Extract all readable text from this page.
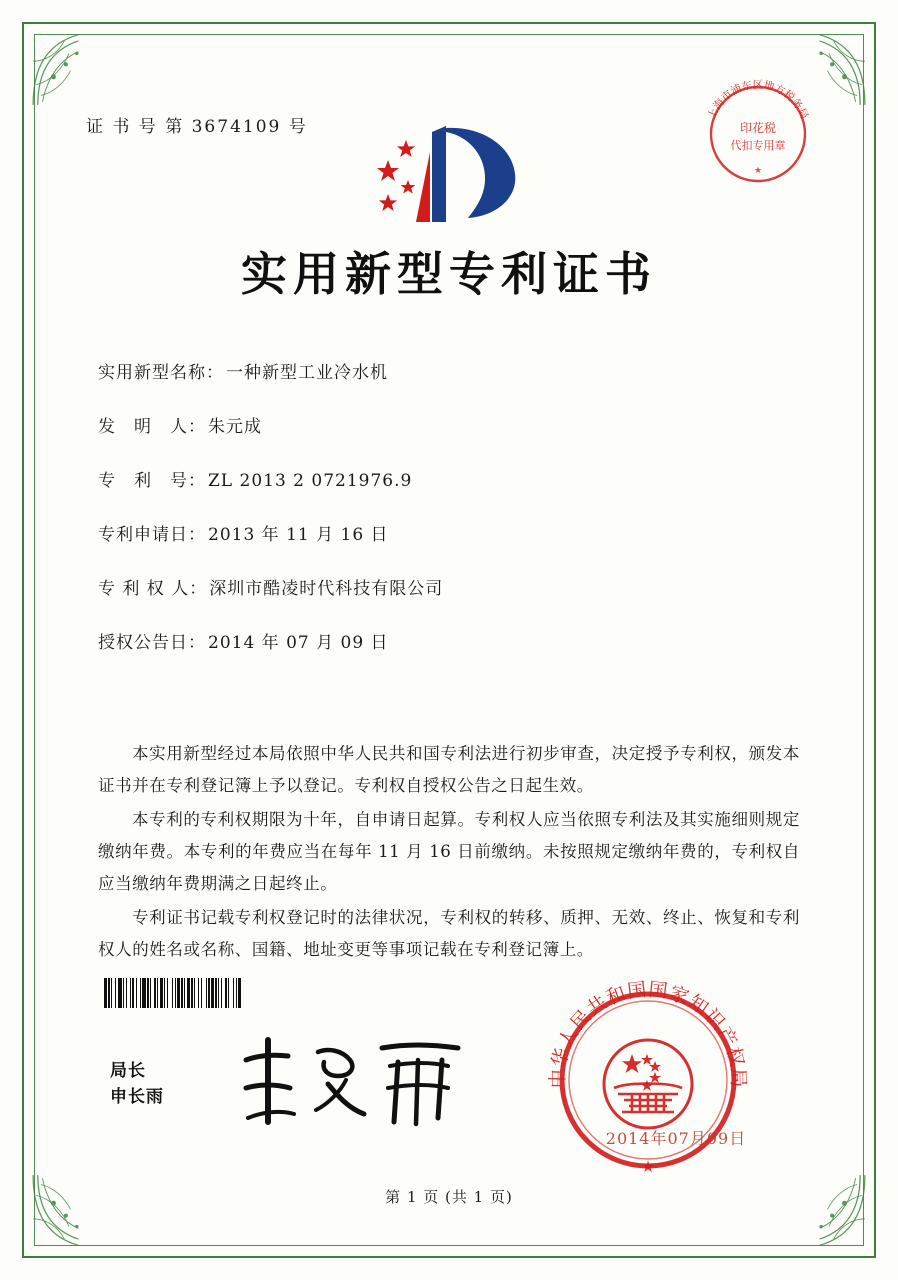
证 书 号 第 3674109 号
上海市浦东区地方税务局
印花税
代扣专用章
★
实用新型专利证书
实用新型名称： 一种新型工业冷水机
发　明　人： 朱元成
专　利　号： ZL 2013 2 0721976.9
专利申请日： 2013 年 11 月 16 日
专 利 权 人： 深圳市酷凌时代科技有限公司
授权公告日： 2014 年 07 月 09 日

本实用新型经过本局依照中华人民共和国专利法进行初步审查，决定授予专利权，颁发本证书并在专利登记簿上予以登记。专利权自授权公告之日起生效。

本专利的专利权期限为十年，自申请日起算。专利权人应当依照专利法及其实施细则规定缴纳年费。本专利的年费应当在每年 11 月 16 日前缴纳。未按照规定缴纳年费的，专利权自应当缴纳年费期满之日起终止。

专利证书记载专利权登记时的法律状况，专利权的转移、质押、无效、终止、恢复和专利权人的姓名或名称、国籍、地址变更等事项记载在专利登记簿上。

局长
申长雨
中华人民共和国国家知识产权局
★
2014年07月09日
第 1 页 (共 1 页)
